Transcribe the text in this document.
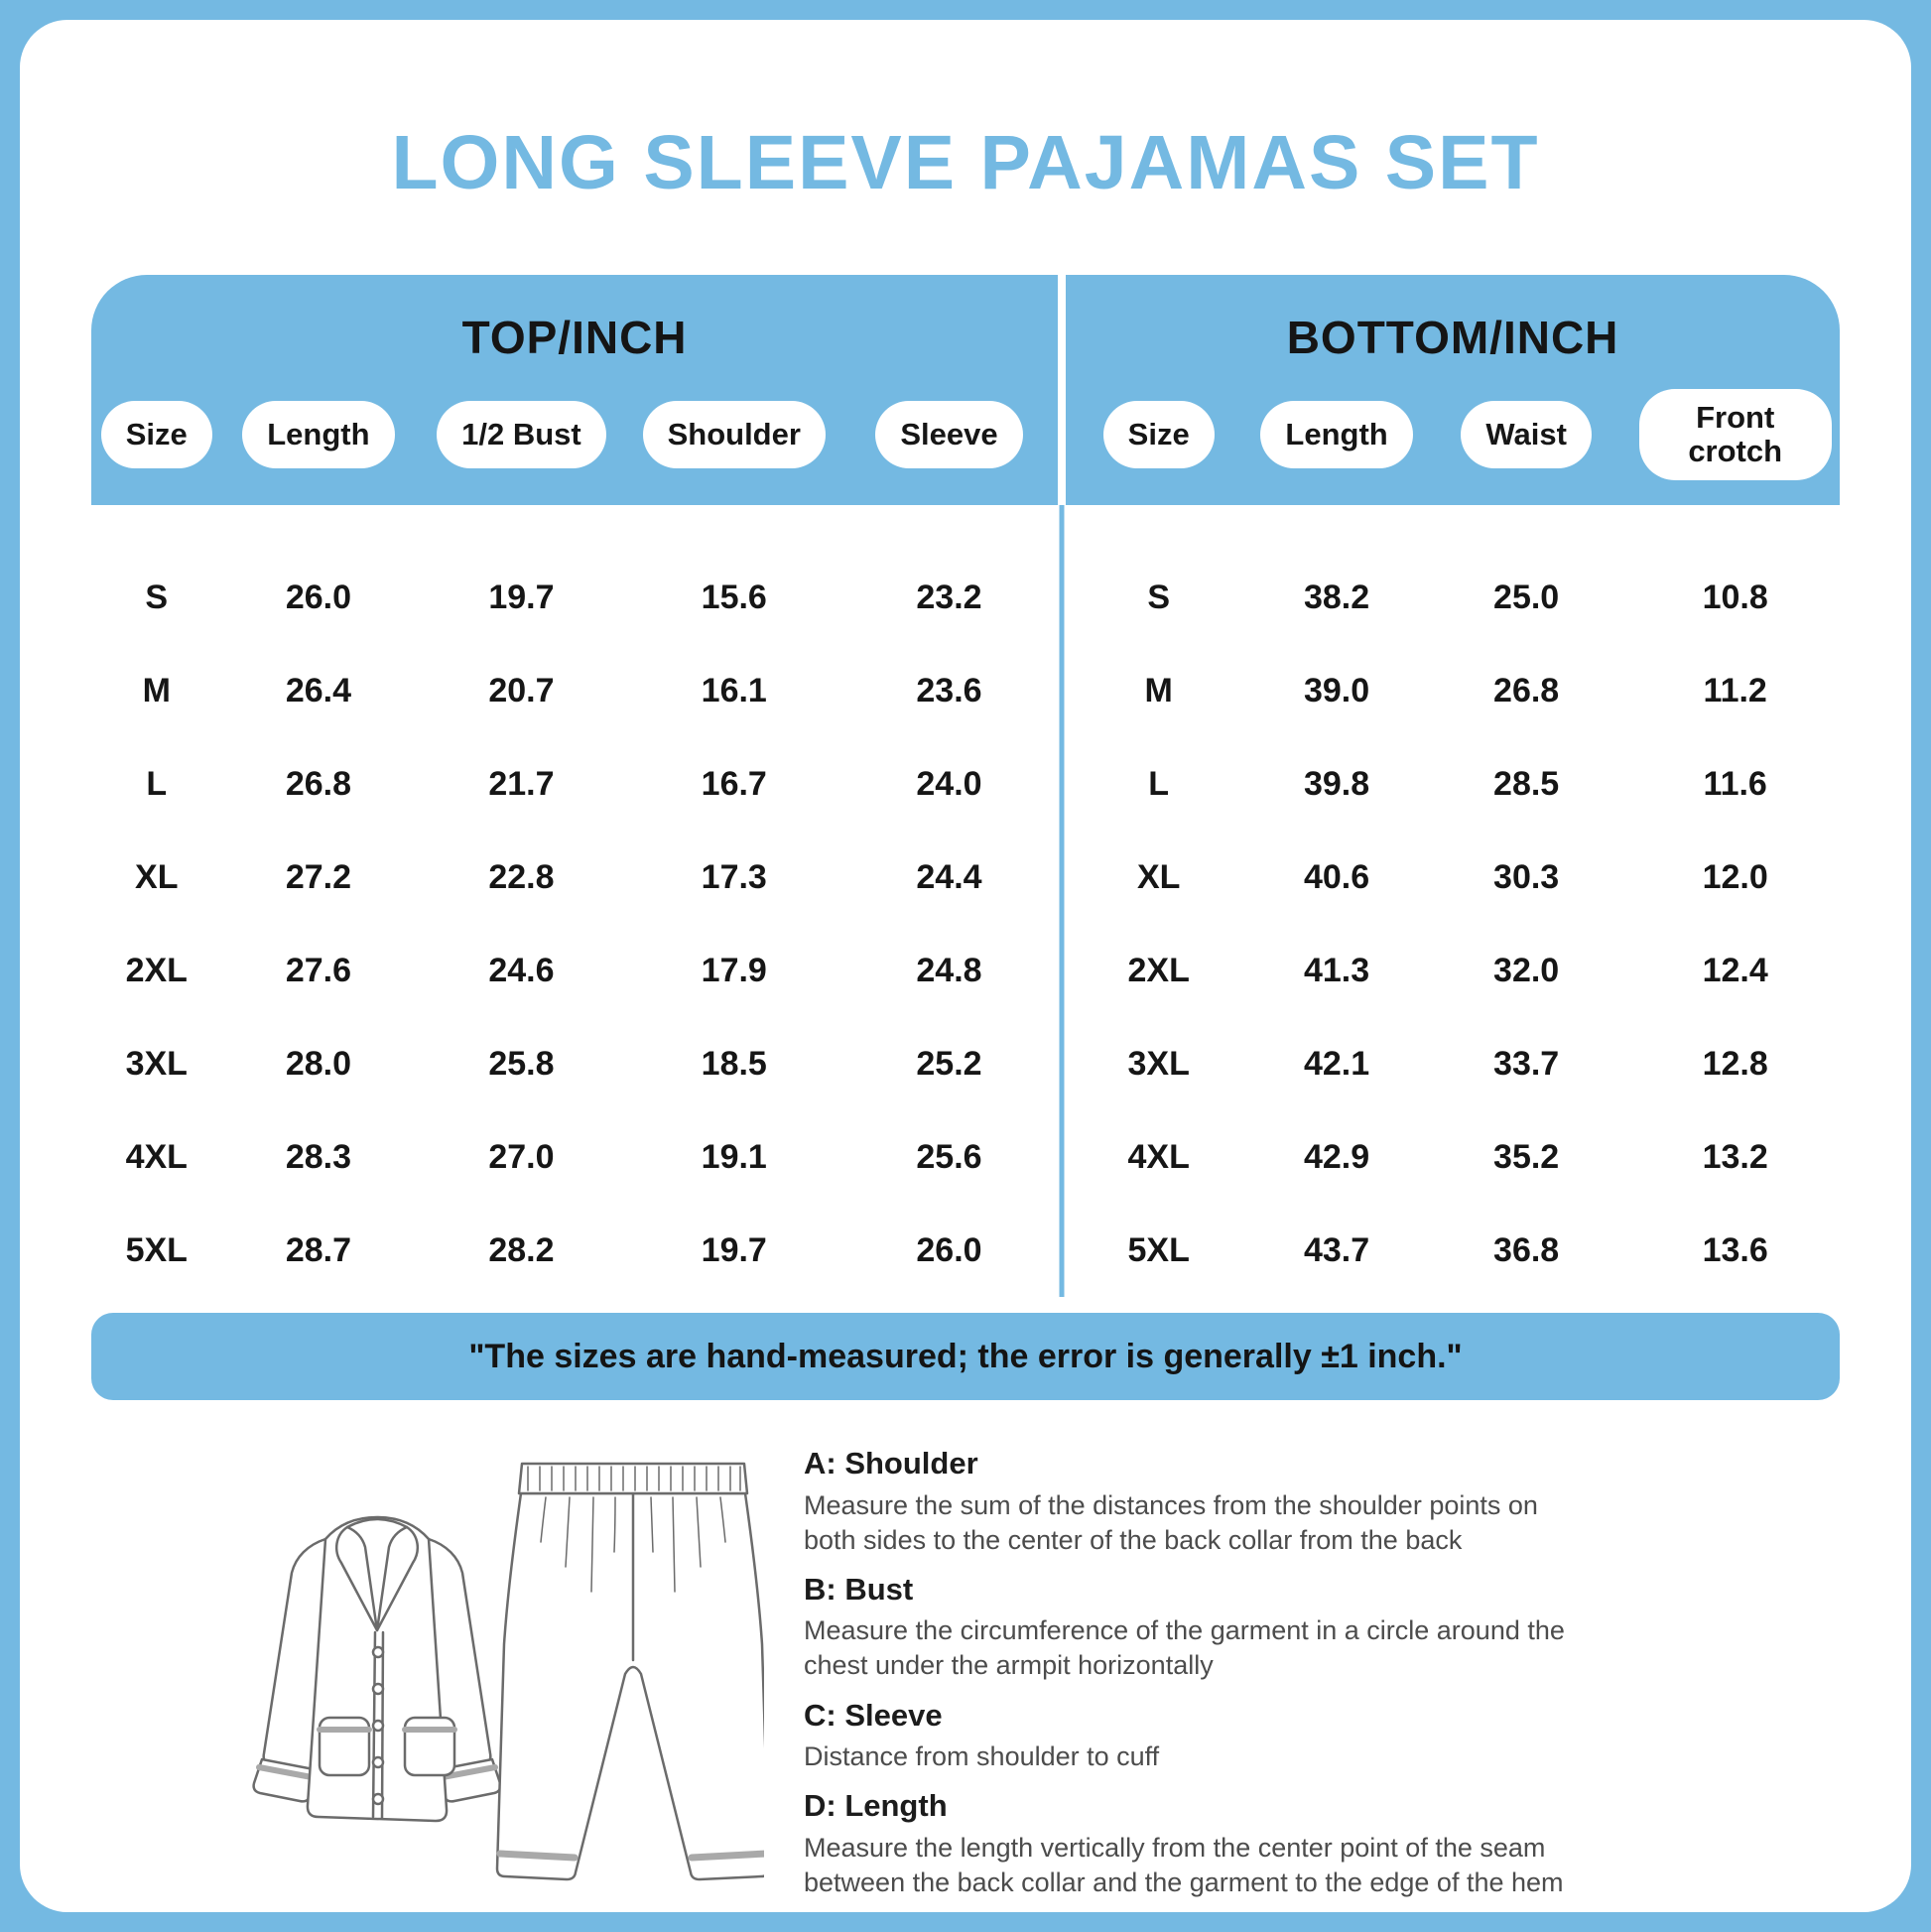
LONG SLEEVE PAJAMAS SET
TOP/INCH
Size	Length	1/2 Bust	Shoulder	Sleeve
S	26.0	19.7	15.6	23.2
M	26.4	20.7	16.1	23.6
L	26.8	21.7	16.7	24.0
XL	27.2	22.8	17.3	24.4
2XL	27.6	24.6	17.9	24.8
3XL	28.0	25.8	18.5	25.2
4XL	28.3	27.0	19.1	25.6
5XL	28.7	28.2	19.7	26.0
BOTTOM/INCH
Size	Length	Waist	Front crotch
S	38.2	25.0	10.8
M	39.0	26.8	11.2
L	39.8	28.5	11.6
XL	40.6	30.3	12.0
2XL	41.3	32.0	12.4
3XL	42.1	33.7	12.8
4XL	42.9	35.2	13.2
5XL	43.7	36.8	13.6
"The sizes are hand-measured; the error is generally ±1 inch."
A: Shoulder
Measure the sum of the distances from the shoulder points on both sides to the center of the back collar from the back
B: Bust
Measure the circumference of the garment in a circle around the chest under the armpit horizontally
C: Sleeve
Distance from shoulder to cuff
D: Length
Measure the length vertically from the center point of the seam between the back collar and the garment to the edge of the hem
